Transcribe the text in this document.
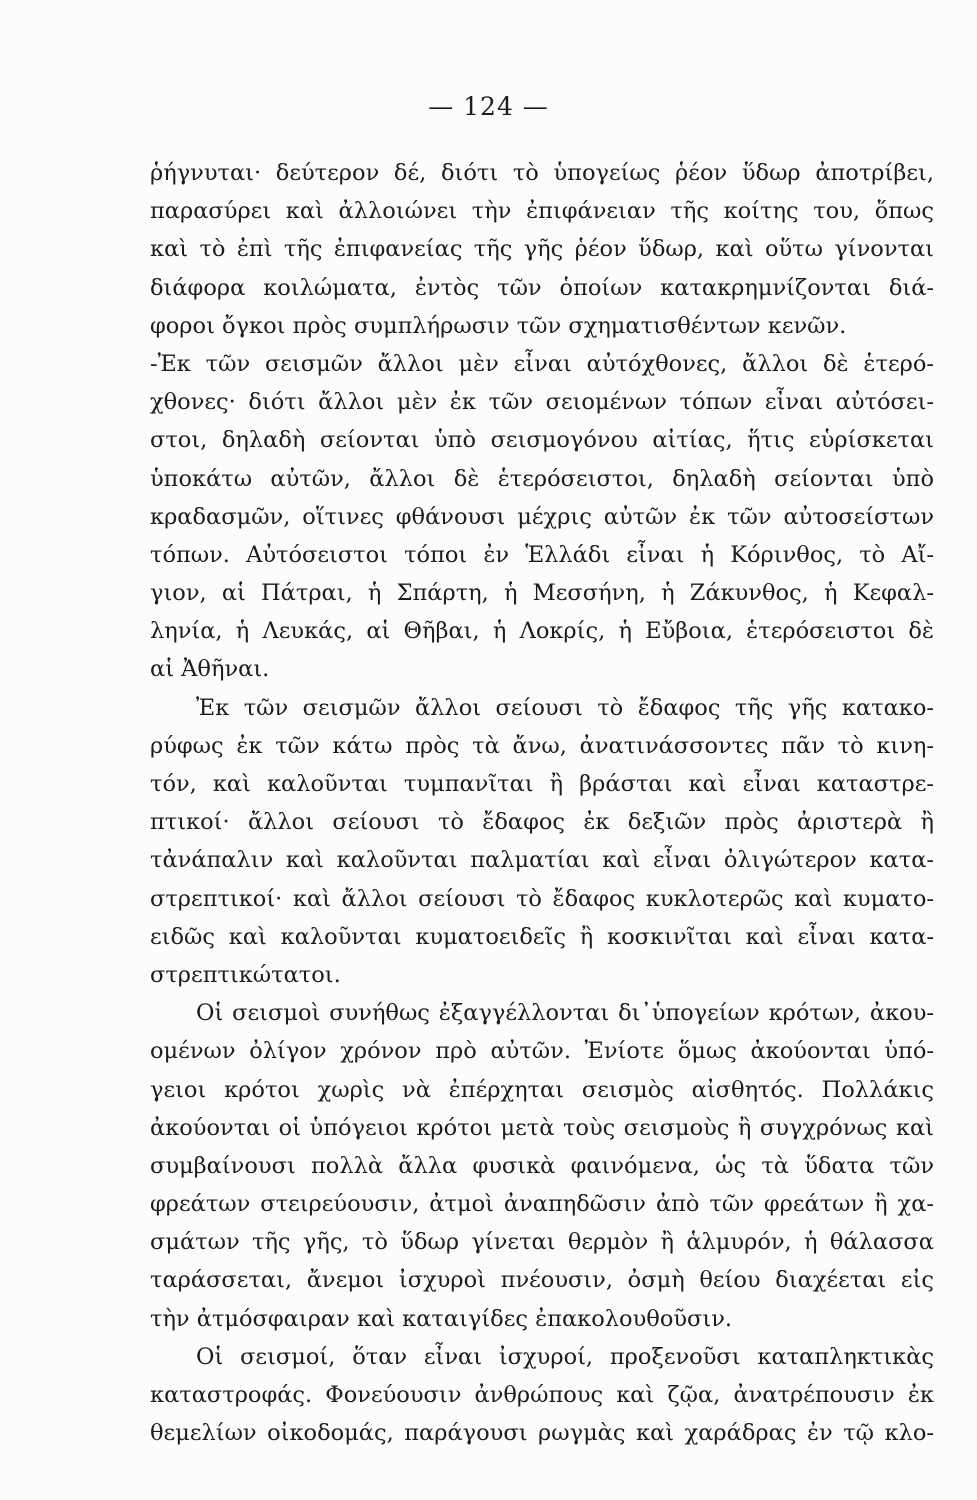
— 124 —
ῥήγνυται· δεύτερον δέ, διότι τὸ ὑπογείως ῥέον ὕδωρ ἀποτρίβει,
παρασύρει καὶ ἀλλοιώνει τὴν ἐπιφάνειαν τῆς κοίτης του, ὅπως
καὶ τὸ ἐπὶ τῆς ἐπιφανείας τῆς γῆς ῥέον ὕδωρ, καὶ οὕτω γίνονται
διάφορα κοιλώματα, ἐντὸς τῶν ὁποίων κατακρημνίζονται διά-
φοροι ὄγκοι πρὸς συμπλήρωσιν τῶν σχηματισθέντων κενῶν.
-Ἐκ τῶν σεισμῶν ἄλλοι μὲν εἶναι αὐτόχθονες, ἄλλοι δὲ ἑτερό-
χθονες· διότι ἄλλοι μὲν ἐκ τῶν σειομένων τόπων εἶναι αὐτόσει-
στοι, δηλαδὴ σείονται ὑπὸ σεισμογόνου αἰτίας, ἥτις εὑρίσκεται
ὑποκάτω αὐτῶν, ἄλλοι δὲ ἑτερόσειστοι, δηλαδὴ σείονται ὑπὸ
κραδασμῶν, οἵτινες φθάνουσι μέχρις αὐτῶν ἐκ τῶν αὐτοσείστων
τόπων. Αὐτόσειστοι τόποι ἐν Ἑλλάδι εἶναι ἡ Κόρινθος, τὸ Αἴ-
γιον, αἱ Πάτραι, ἡ Σπάρτη, ἡ Μεσσήνη, ἡ Ζάκυνθος, ἡ Κεφαλ-
ληνία, ἡ Λευκάς, αἱ Θῆβαι, ἡ Λοκρίς, ἡ Εὔβοια, ἑτερόσειστοι δὲ
αἱ Ἀθῆναι.
Ἐκ τῶν σεισμῶν ἄλλοι σείουσι τὸ ἔδαφος τῆς γῆς κατακο-
ρύφως ἐκ τῶν κάτω πρὸς τὰ ἄνω, ἀνατινάσσοντες πᾶν τὸ κινη-
τόν, καὶ καλοῦνται τυμπανῖται ἢ βράσται καὶ εἶναι καταστρε-
πτικοί· ἄλλοι σείουσι τὸ ἔδαφος ἐκ δεξιῶν πρὸς ἀριστερὰ ἢ
τἀνάπαλιν καὶ καλοῦνται παλματίαι καὶ εἶναι ὀλιγώτερον κατα-
στρεπτικοί· καὶ ἄλλοι σείουσι τὸ ἔδαφος κυκλοτερῶς καὶ κυματο-
ειδῶς καὶ καλοῦνται κυματοειδεῖς ἢ κοσκινῖται καὶ εἶναι κατα-
στρεπτικώτατοι.
Οἱ σεισμοὶ συνήθως ἐξαγγέλλονται δι᾽ὑπογείων κρότων, ἀκου-
ομένων ὀλίγον χρόνον πρὸ αὐτῶν. Ἐνίοτε ὅμως ἀκούονται ὑπό-
γειοι κρότοι χωρὶς νὰ ἐπέρχηται σεισμὸς αἰσθητός. Πολλάκις
ἀκούονται οἱ ὑπόγειοι κρότοι μετὰ τοὺς σεισμοὺς ἢ συγχρόνως καὶ
συμβαίνουσι πολλὰ ἄλλα φυσικὰ φαινόμενα, ὡς τὰ ὕδατα τῶν
φρεάτων στειρεύουσιν, ἀτμοὶ ἀναπηδῶσιν ἀπὸ τῶν φρεάτων ἢ χα-
σμάτων τῆς γῆς, τὸ ὕδωρ γίνεται θερμὸν ἢ ἁλμυρόν, ἡ θάλασσα
ταράσσεται, ἄνεμοι ἰσχυροὶ πνέουσιν, ὀσμὴ θείου διαχέεται εἰς
τὴν ἀτμόσφαιραν καὶ καταιγίδες ἐπακολουθοῦσιν.
Οἱ σεισμοί, ὅταν εἶναι ἰσχυροί, προξενοῦσι καταπληκτικὰς
καταστροφάς. Φονεύουσιν ἀνθρώπους καὶ ζῷα, ἀνατρέπουσιν ἐκ
θεμελίων οἰκοδομάς, παράγουσι ρωγμὰς καὶ χαράδρας ἐν τῷ κλο-
